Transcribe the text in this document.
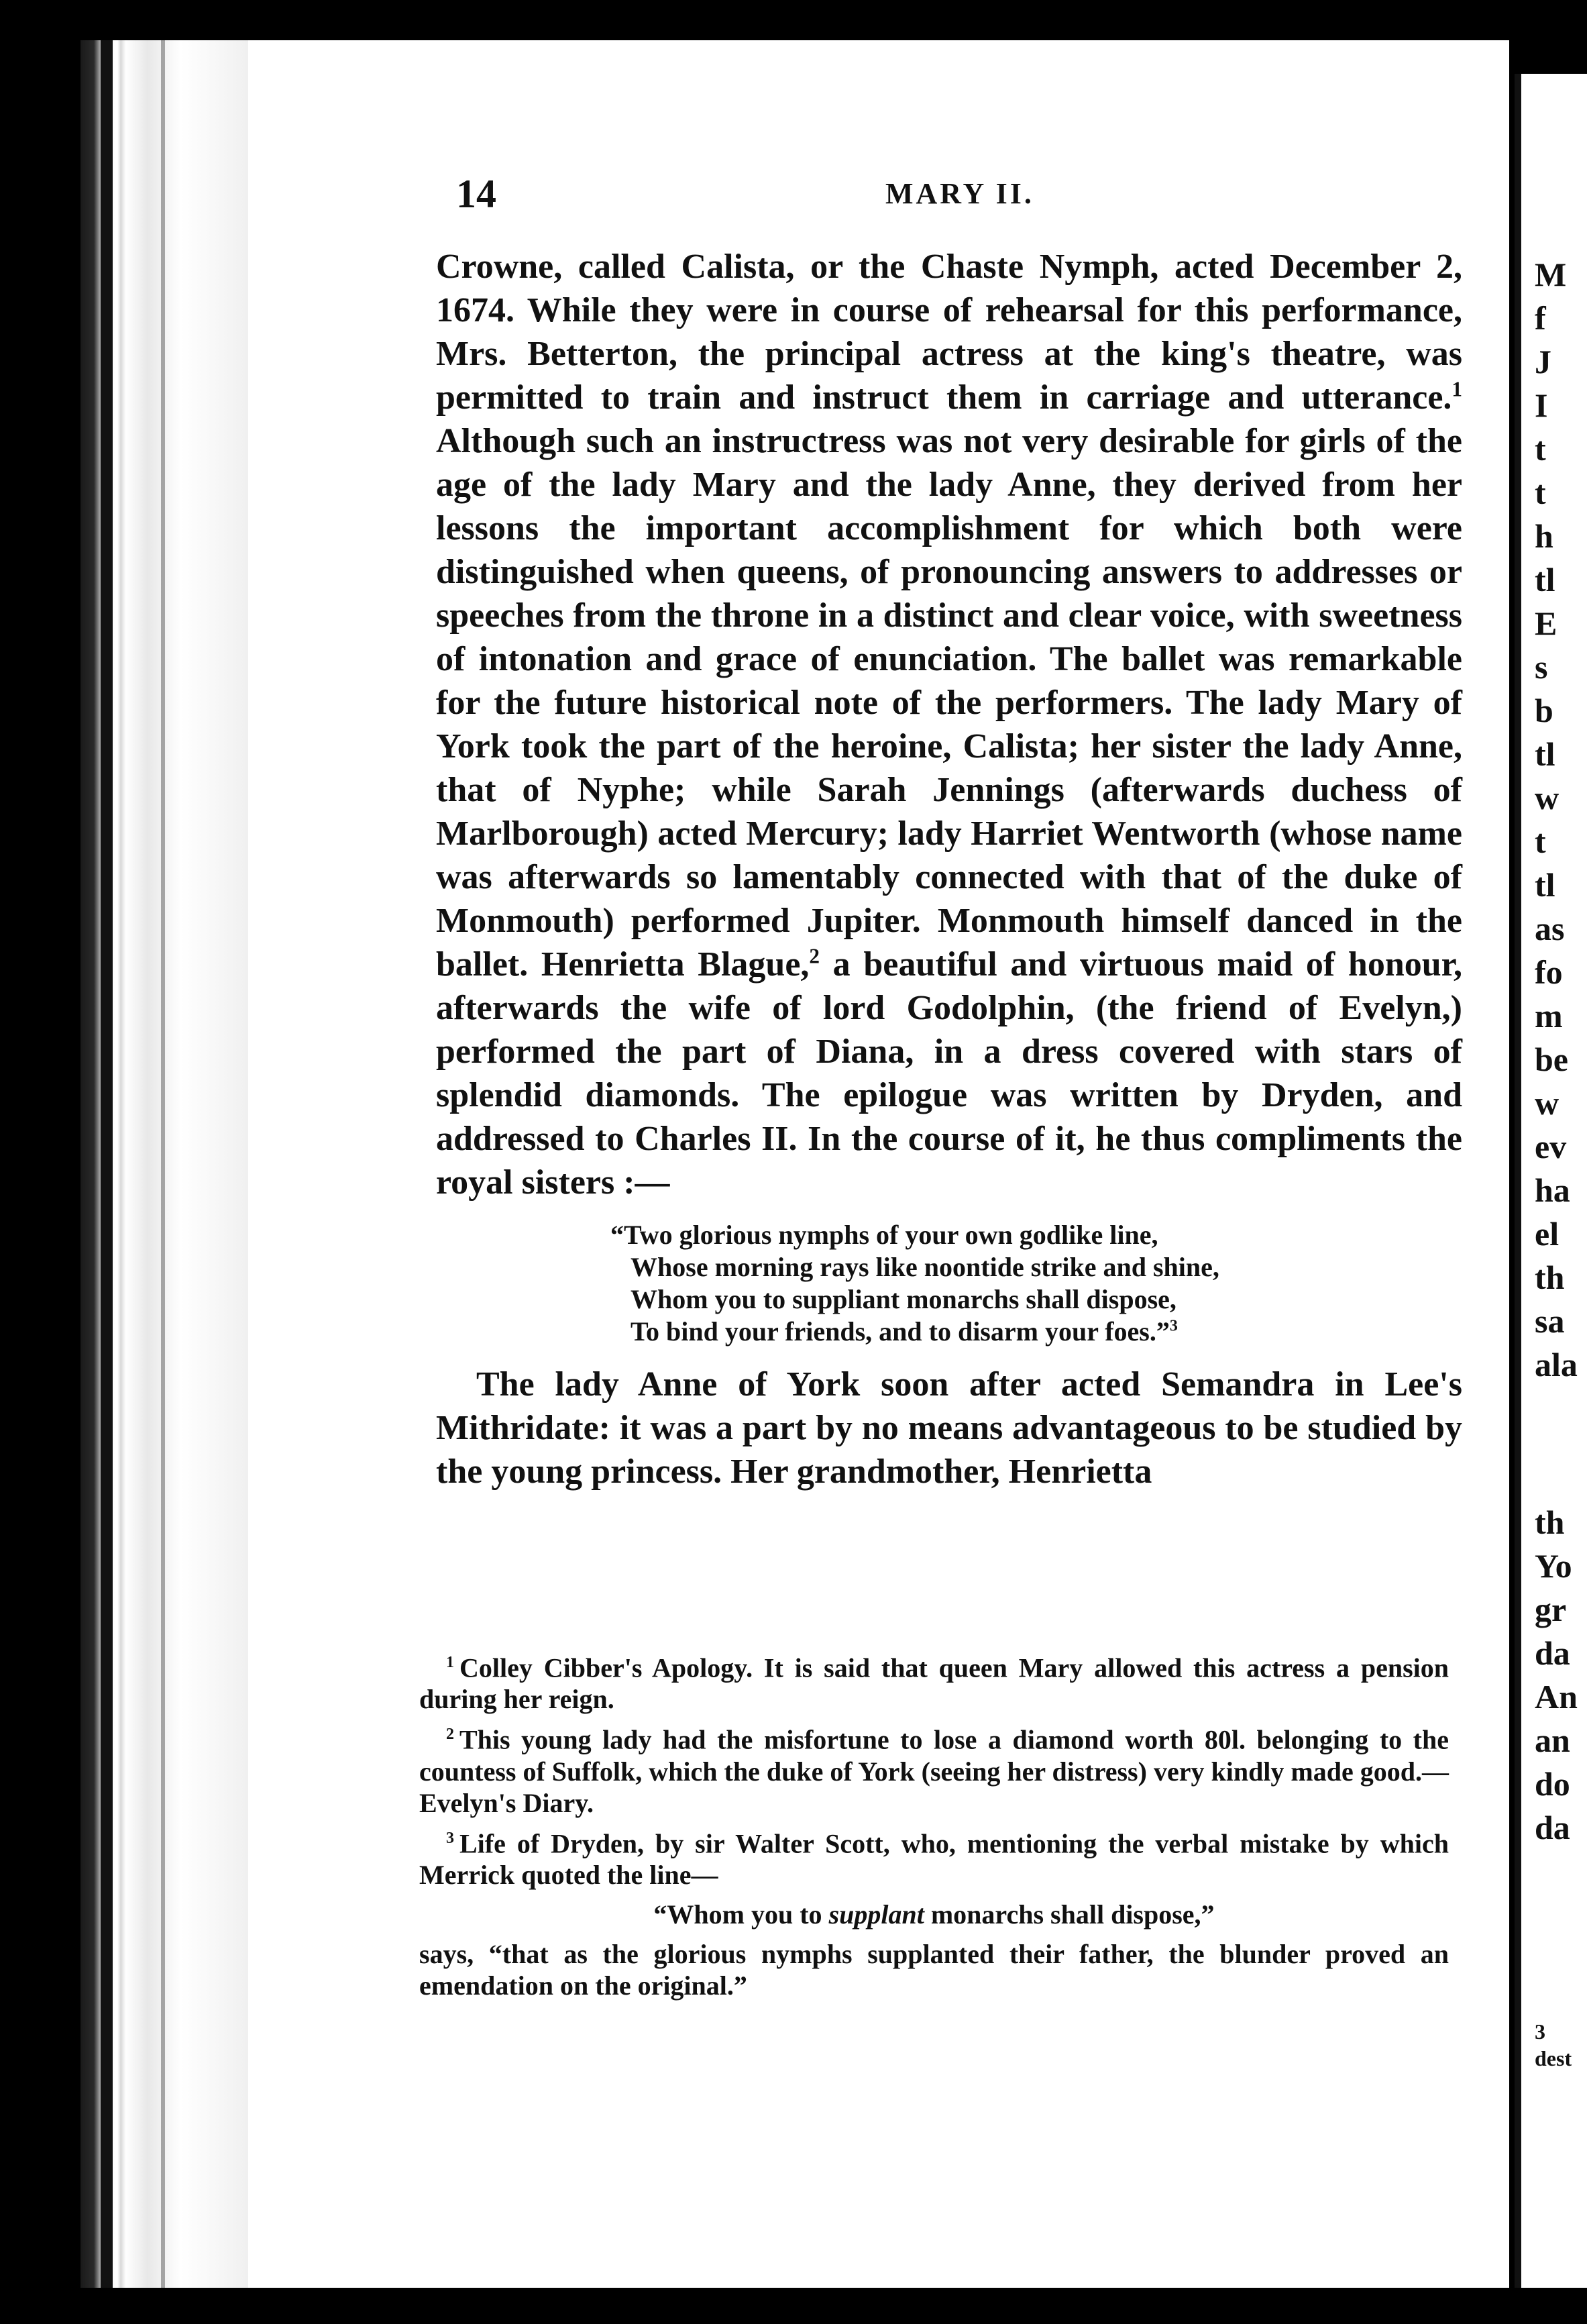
M
f
J
I
t
t
h
tl
E
s
b
tl
w
t
tl
as
fo
m
be
w
ev
ha
el
th
sa
ala
th
Yo
gr
da
An
an
do
da
3
dest
14	MARY II.

Crowne, called Calista, or the Chaste Nymph, acted December 2, 1674. While they were in course of rehearsal for this performance, Mrs. Betterton, the principal actress at the king's theatre, was permitted to train and instruct them in carriage and utterance.$^1$ Although such an instructress was not very desirable for girls of the age of the lady Mary and the lady Anne, they derived from her lessons the important accomplishment for which both were distinguished when queens, of pronouncing answers to addresses or speeches from the throne in a distinct and clear voice, with sweetness of intonation and grace of enunciation. The ballet was remarkable for the future historical note of the performers. The lady Mary of York took the part of the heroine, Calista; her sister the lady Anne, that of Nyphe; while Sarah Jennings (afterwards duchess of Marlborough) acted Mercury; lady Harriet Wentworth (whose name was afterwards so lamentably connected with that of the duke of Monmouth) performed Jupiter. Monmouth himself danced in the ballet. Henrietta Blague,$^2$ a beautiful and virtuous maid of honour, afterwards the wife of lord Godolphin, (the friend of Evelyn,) performed the part of Diana, in a dress covered with stars of splendid diamonds. The epilogue was written by Dryden, and addressed to Charles II. In the course of it, he thus compliments the royal sisters :—

“Two glorious nymphs of your own godlike line,
Whose morning rays like noontide strike and shine,
Whom you to suppliant monarchs shall dispose,
To bind your friends, and to disarm your foes.”$^3$

The lady Anne of York soon after acted Semandra in Lee's Mithridate: it was a part by no means advantageous to be studied by the young princess. Her grandmother, Henrietta

$^1$ Colley Cibber's Apology. It is said that queen Mary allowed this actress a pension during her reign.

$^2$ This young lady had the misfortune to lose a diamond worth 80l. belonging to the countess of Suffolk, which the duke of York (seeing her distress) very kindly made good.—Evelyn's Diary.

$^3$ Life of Dryden, by sir Walter Scott, who, mentioning the verbal mistake by which Merrick quoted the line—

“Whom you to supplant monarchs shall dispose,”

says, “that as the glorious nymphs supplanted their father, the blunder proved an emendation on the original.”
